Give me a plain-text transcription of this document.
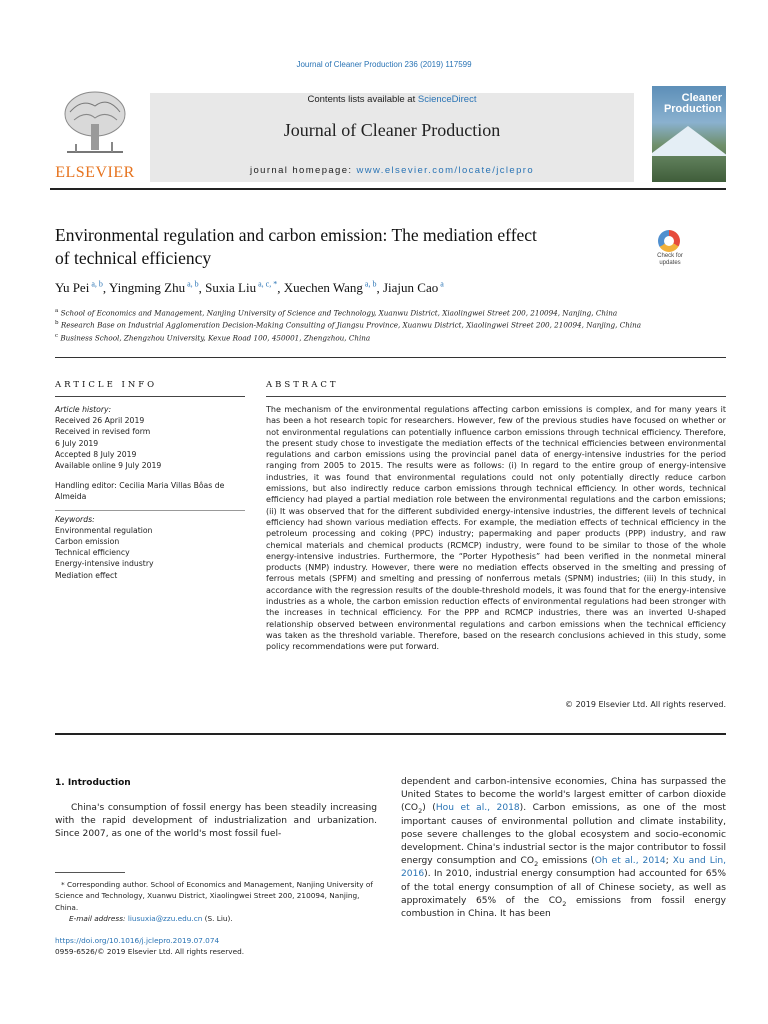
Journal of Cleaner Production 236 (2019) 117599
ELSEVIER
Contents lists available at ScienceDirect
Journal of Cleaner Production
journal homepage: www.elsevier.com/locate/jclepro
Cleaner
Production
Environmental regulation and carbon emission: The mediation effect
of technical efficiency	Check for
updates
Yu Pei $^{a, b}$, Yingming Zhu $^{a, b}$, Suxia Liu $^{a, c, *}$, Xuechen Wang $^{a, b}$, Jiajun Cao $^a$

$^a$ School of Economics and Management, Nanjing University of Science and Technology, Xuanwu District, Xiaolingwei Street 200, 210094, Nanjing, China

$^b$ Research Base on Industrial Agglomeration Decision-Making Consulting of Jiangsu Province, Xuanwu District, Xiaolingwei Street 200, 210094, Nanjing, China

$^c$ Business School, Zhengzhou University, Kexue Road 100, 450001, Zhengzhou, China

ARTICLE INFO	ABSTRACT
Article history:
Received 26 April 2019
Received in revised form
6 July 2019
Accepted 8 July 2019
Available online 9 July 2019
Handling editor: Cecilia Maria Villas Bôas de Almeida
Keywords:
Environmental regulation
Carbon emission
Technical efficiency
Energy-intensive industry
Mediation effect

The mechanism of the environmental regulations affecting carbon emissions is complex, and for many years it has been a hot research topic for researchers. However, few of the previous studies have focused on whether or not environmental regulations can potentially influence carbon emissions through technical efficiency. Therefore, the present study chose to investigate the mediation effects of the technical efficiencies between environmental regulations and carbon emissions using the provincial panel data of energy-intensive industries for the period ranging from 2005 to 2015. The results were as follows: (i) In regard to the entire group of energy-intensive industries, it was found that environmental regulations could not only potentially directly reduce carbon emissions, but also indirectly reduce carbon emissions through technical efficiency. In other words, technical efficiency had played a partial mediation role between the environmental regulations and the carbon emissions; (ii) It was observed that for the different subdivided energy-intensive industries, the different levels of technical efficiency had shown various mediation effects. For example, the mediation effects of technical efficiency in the petroleum processing and coking (PPC) industry; papermaking and paper products (PPP) industry, and raw chemical materials and chemical products (RCMCP) industry, were found to be similar to those of the whole energy-intensive industries. Furthermore, the “Porter Hypothesis” had been verified in the nonmetal mineral products (NMP) industry. However, there were no mediation effects observed in the smelting and pressing of ferrous metals (SPFM) and smelting and pressing of nonferrous metals (SPNM) industries; (iii) In this study, in accordance with the regression results of the double-threshold models, it was found that for the energy-intensive industries as a whole, the carbon emission reduction effects of environmental regulations had been stronger with the increases in technical efficiency. For the PPP and RCMCP industries, there was an inverted U-shaped relationship observed between environmental regulations and carbon emissions when the technical efficiency was taken as the threshold variable. Therefore, based on the research conclusions achieved in this study, some policy recommendations were put forward.

© 2019 Elsevier Ltd. All rights reserved.
1. Introduction

China's consumption of fossil energy has been steadily increasing with the rapid development of industrialization and urbanization. Since 2007, as one of the world's most fossil fuel-

dependent and carbon-intensive economies, China has surpassed the United States to become the world's largest emitter of carbon dioxide $(CO_2)$ (Hou et al., 2018). Carbon emissions, as one of the most important causes of environmental pollution and climate instability, pose severe challenges to the global ecosystem and socio-economic development. China's industrial sector is the major contributor to fossil energy consumption and $CO_2$ emissions (Oh et al., 2014; Xu and Lin, 2016). In 2010, industrial energy consumption had accounted for 65% of the total energy consumption of all of Chinese society, as well as approximately 65% of the $CO_2$ emissions from fossil energy combustion in China. It has been

* Corresponding author. School of Economics and Management, Nanjing University of Science and Technology, Xuanwu District, Xiaolingwei Street 200, 210094, Nanjing, China.

E-mail address: liusuxia@zzu.edu.cn (S. Liu).

https://doi.org/10.1016/j.jclepro.2019.07.074
0959-6526/© 2019 Elsevier Ltd. All rights reserved.
